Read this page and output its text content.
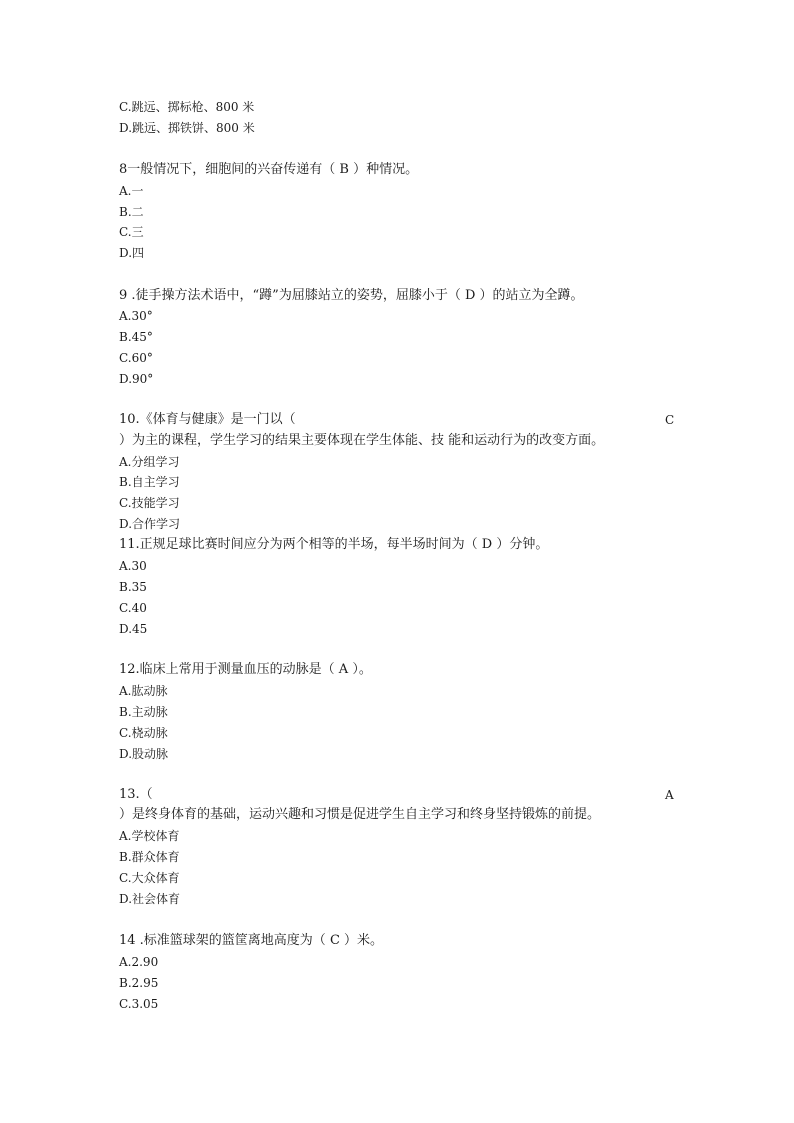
C.跳远、掷标枪、800 米
D.跳远、掷铁饼、800 米
8一般情况下，细胞间的兴奋传递有（ B ）种情况。
A.一
B.二
C.三
D.四
9 .徒手操方法术语中，“蹲”为屈膝站立的姿势，屈膝小于（ D ）的站立为全蹲。
A.30°
B.45°
C.60°
D.90°
10.《体育与健康》是一门以（	C
）为主的课程，学生学习的结果主要体现在学生体能、技 能和运动行为的改变方面。
A.分组学习
B.自主学习
C.技能学习
D.合作学习
11.正规足球比赛时间应分为两个相等的半场，每半场时间为（ D ）分钟。
A.30
B.35
C.40
D.45
12.临床上常用于测量血压的动脉是（ A ）。
A.肱动脉
B.主动脉
C.桡动脉
D.股动脉
13.（	A
）是终身体育的基础，运动兴趣和习惯是促进学生自主学习和终身坚持锻炼的前提。
A.学校体育
B.群众体育
C.大众体育
D.社会体育
14 .标准篮球架的篮筐离地高度为（ C ）米。
A.2.90
B.2.95
C.3.05
